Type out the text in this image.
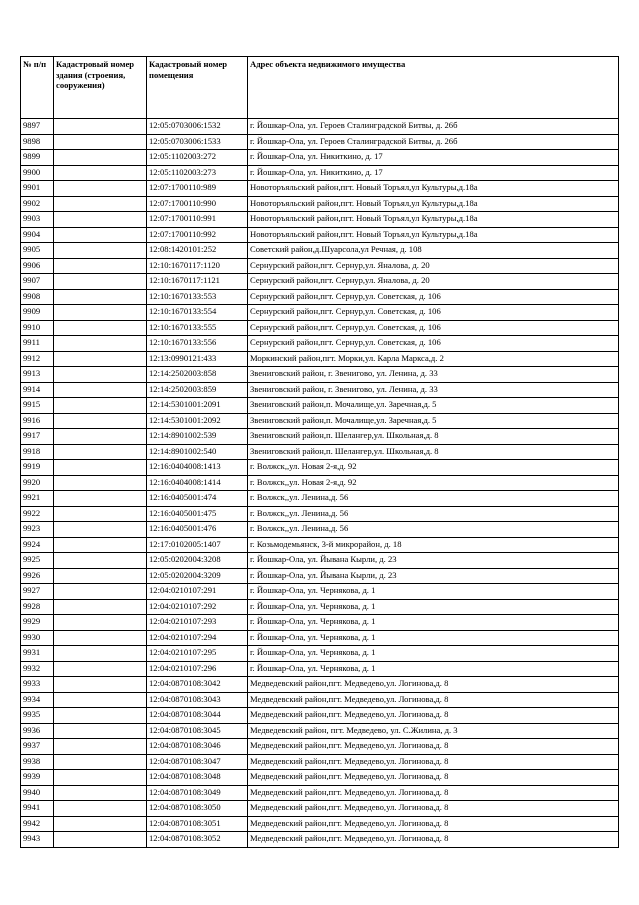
№ п/п	Кадастровый номер здания (строения, сооружения)	Кадастровый номер помещения	Адрес объекта недвижимого имущества
9897		12:05:0703006:1532	г. Йошкар-Ола, ул. Героев Сталинградской Битвы, д. 26б
9898		12:05:0703006:1533	г. Йошкар-Ола, ул. Героев Сталинградской Битвы, д. 26б
9899		12:05:1102003:272	г. Йошкар-Ола, ул. Никиткино, д. 17
9900		12:05:1102003:273	г. Йошкар-Ола, ул. Никиткино, д. 17
9901		12:07:1700110:989	Новоторъяльский район,пгт. Новый Торъял,ул Культуры,д.18а
9902		12:07:1700110:990	Новоторъяльский район,пгт. Новый Торъял,ул Культуры,д.18а
9903		12:07:1700110:991	Новоторъяльский район,пгт. Новый Торъял,ул Культуры,д.18а
9904		12:07:1700110:992	Новоторъяльский район,пгт. Новый Торъял,ул Культуры,д.18а
9905		12:08:1420101:252	Советский район,д.Шуарсола,ул Речная, д. 108
9906		12:10:1670117:1120	Сернурский район,пгт. Сернур,ул. Яналова, д. 20
9907		12:10:1670117:1121	Сернурский район,пгт. Сернур,ул. Яналова, д. 20
9908		12:10:1670133:553	Сернурский район,пгт. Сернур,ул. Советская, д. 106
9909		12:10:1670133:554	Сернурский район,пгт. Сернур,ул. Советская, д. 106
9910		12:10:1670133:555	Сернурский район,пгт. Сернур,ул. Советская, д. 106
9911		12:10:1670133:556	Сернурский район,пгт. Сернур,ул. Советская, д. 106
9912		12:13:0990121:433	Моркинский район,пгт. Морки,ул. Карла Маркса,д. 2
9913		12:14:2502003:858	Звениговский район, г. Звенигово, ул. Ленина, д. 33
9914		12:14:2502003:859	Звениговский район, г. Звенигово, ул. Ленина, д. 33
9915		12:14:5301001:2091	Звениговский район,п. Мочалище,ул. Заречная,д. 5
9916		12:14:5301001:2092	Звениговский район,п. Мочалище,ул. Заречная,д. 5
9917		12:14:8901002:539	Звениговский район,п. Шелангер,ул. Школьная,д. 8
9918		12:14:8901002:540	Звениговский район,п. Шелангер,ул. Школьная,д. 8
9919		12:16:0404008:1413	г. Волжск,,ул. Новая 2-я,д. 92
9920		12:16:0404008:1414	г. Волжск,,ул. Новая 2-я,д. 92
9921		12:16:0405001:474	г. Волжск,,ул. Ленина,д. 56
9922		12:16:0405001:475	г. Волжск,,ул. Ленина,д. 56
9923		12:16:0405001:476	г. Волжск,,ул. Ленина,д. 56
9924		12:17:0102005:1407	г. Козьмодемьянск, 3-й микрорайон, д. 18
9925		12:05:0202004:3208	г. Йошкар-Ола, ул. Йывана Кырли, д. 23
9926		12:05:0202004:3209	г. Йошкар-Ола, ул. Йывана Кырли, д. 23
9927		12:04:0210107:291	г. Йошкар-Ола, ул. Чернякова, д. 1
9928		12:04:0210107:292	г. Йошкар-Ола, ул. Чернякова, д. 1
9929		12:04:0210107:293	г. Йошкар-Ола, ул. Чернякова, д. 1
9930		12:04:0210107:294	г. Йошкар-Ола, ул. Чернякова, д. 1
9931		12:04:0210107:295	г. Йошкар-Ола, ул. Чернякова, д. 1
9932		12:04:0210107:296	г. Йошкар-Ола, ул. Чернякова, д. 1
9933		12:04:0870108:3042	Медведевский район,пгт. Медведево,ул. Логинова,д. 8
9934		12:04:0870108:3043	Медведевский район,пгт. Медведево,ул. Логинова,д. 8
9935		12:04:0870108:3044	Медведевский район,пгт. Медведево,ул. Логинова,д. 8
9936		12:04:0870108:3045	Медведевский район, пгт. Медведево, ул. С.Жилина, д. 3
9937		12:04:0870108:3046	Медведевский район,пгт. Медведево,ул. Логинова,д. 8
9938		12:04:0870108:3047	Медведевский район,пгт. Медведево,ул. Логинова,д. 8
9939		12:04:0870108:3048	Медведевский район,пгт. Медведево,ул. Логинова,д. 8
9940		12:04:0870108:3049	Медведевский район,пгт. Медведево,ул. Логинова,д. 8
9941		12:04:0870108:3050	Медведевский район,пгт. Медведево,ул. Логинова,д. 8
9942		12:04:0870108:3051	Медведевский район,пгт. Медведево,ул. Логинова,д. 8
9943		12:04:0870108:3052	Медведевский район,пгт. Медведево,ул. Логинова,д. 8
